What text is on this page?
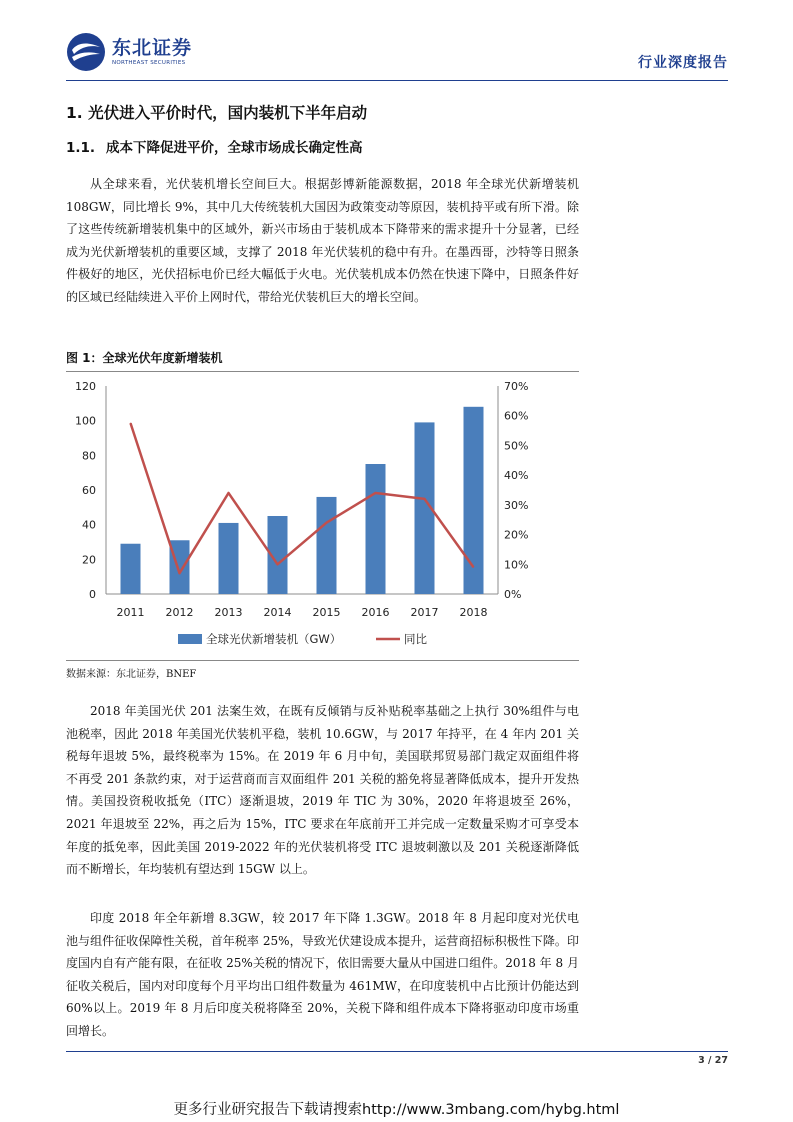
东北证券
NORTHEAST SECURITIES	行业深度报告
1. 光伏进入平价时代，国内装机下半年启动
1.1. 成本下降促进平价，全球市场成长确定性高
从全球来看，光伏装机增长空间巨大。根据彭博新能源数据，2018 年全球光伏新增装机 108GW，同比增长 9%，其中几大传统装机大国因为政策变动等原因，装机持平或有所下滑。除了这些传统新增装机集中的区域外，新兴市场由于装机成本下降带来的需求提升十分显著，已经成为光伏新增装机的重要区域，支撑了 2018 年光伏装机的稳中有升。在墨西哥，沙特等日照条件极好的地区，光伏招标电价已经大幅低于火电。光伏装机成本仍然在快速下降中，日照条件好的区域已经陆续进入平价上网时代，带给光伏装机巨大的增长空间。
图 1：全球光伏年度新增装机
0
20
40
60
80
100
120
0%
10%
20%
30%
40%
50%
60%
70%
2011 2012 2013 2014 2015 2016 2017 2018
全球光伏新增装机（GW）	同比
数据来源：东北证券，BNEF
2018 年美国光伏 201 法案生效，在既有反倾销与反补贴税率基础之上执行 30%组件与电池税率，因此 2018 年美国光伏装机平稳，装机 10.6GW，与 2017 年持平，在 4 年内 201 关税每年退坡 5%，最终税率为 15%。在 2019 年 6 月中旬，美国联邦贸易部门裁定双面组件将不再受 201 条款约束，对于运营商而言双面组件 201 关税的豁免将显著降低成本，提升开发热情。美国投资税收抵免（ITC）逐渐退坡，2019 年 TIC 为 30%，2020 年将退坡至 26%，2021 年退坡至 22%，再之后为 15%，ITC 要求在年底前开工并完成一定数量采购才可享受本年度的抵免率，因此美国 2019-2022 年的光伏装机将受 ITC 退坡刺激以及 201 关税逐渐降低而不断增长，年均装机有望达到 15GW 以上。
印度 2018 年全年新增 8.3GW，较 2017 年下降 1.3GW。2018 年 8 月起印度对光伏电池与组件征收保障性关税，首年税率 25%，导致光伏建设成本提升，运营商招标积极性下降。印度国内自有产能有限，在征收 25%关税的情况下，依旧需要大量从中国进口组件。2018 年 8 月征收关税后，国内对印度每个月平均出口组件数量为 461MW，在印度装机中占比预计仍能达到 60%以上。2019 年 8 月后印度关税将降至 20%，关税下降和组件成本下降将驱动印度市场重回增长。
3 / 27
更多行业研究报告下载请搜索http://www.3mbang.com/hybg.html
